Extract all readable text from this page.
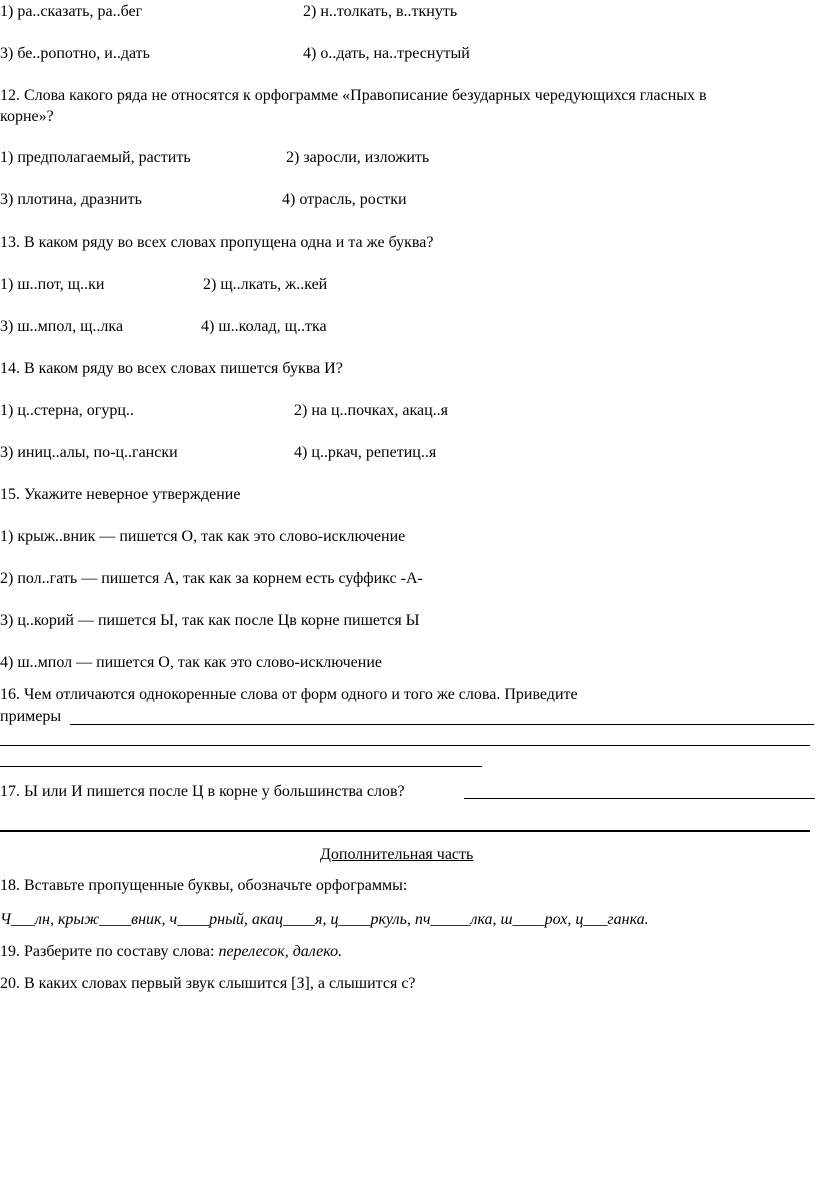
1) ра..сказать, ра..бег	2) н..толкать, в..ткнуть
3) бе..ропотно, и..дать	4) о..дать, на..треснутый
12. Слова какого ряда не относятся к орфограмме «Правописание безударных чередующихся гласных в
корне»?
1) предполагаемый, растить	2) заросли, изложить
3) плотина, дразнить	4) отрасль, ростки
13. В каком ряду во всех словах пропущена одна и та же буква?
1) ш..пот, щ..ки	2) щ..лкать, ж..кей
3) ш..мпол, щ..лка	4) ш..колад, щ..тка
14. В каком ряду во всех словах пишется буква И?
1) ц..стерна, огурц..	2) на ц..почках, акац..я
3) иниц..алы, по-ц..гански	4) ц..ркач, репетиц..я
15. Укажите неверное утверждение
1) крыж..вник — пишется О, так как это слово-исключение
2) пол..гать — пишется А, так как за корнем есть суффикс -А-
3) ц..корий — пишется Ы, так как после Цв корне пишется Ы
4) ш..мпол — пишется О, так как это слово-исключение
16. Чем отличаются однокоренные слова от форм одного и того же слова. Приведите
примеры
17. Ы или И пишется после Ц в корне у большинства слов?
Дополнительная часть
18. Вставьте пропущенные буквы, обозначьте орфограммы:
Ч___лн, крыж____вник, ч____рный, акац____я, ц____ркуль, пч_____лка, ш____рох, ц___ганка.
19. Разберите по составу слова: перелесок, далеко.
20. В каких словах первый звук слышится [З], а слышится с?
